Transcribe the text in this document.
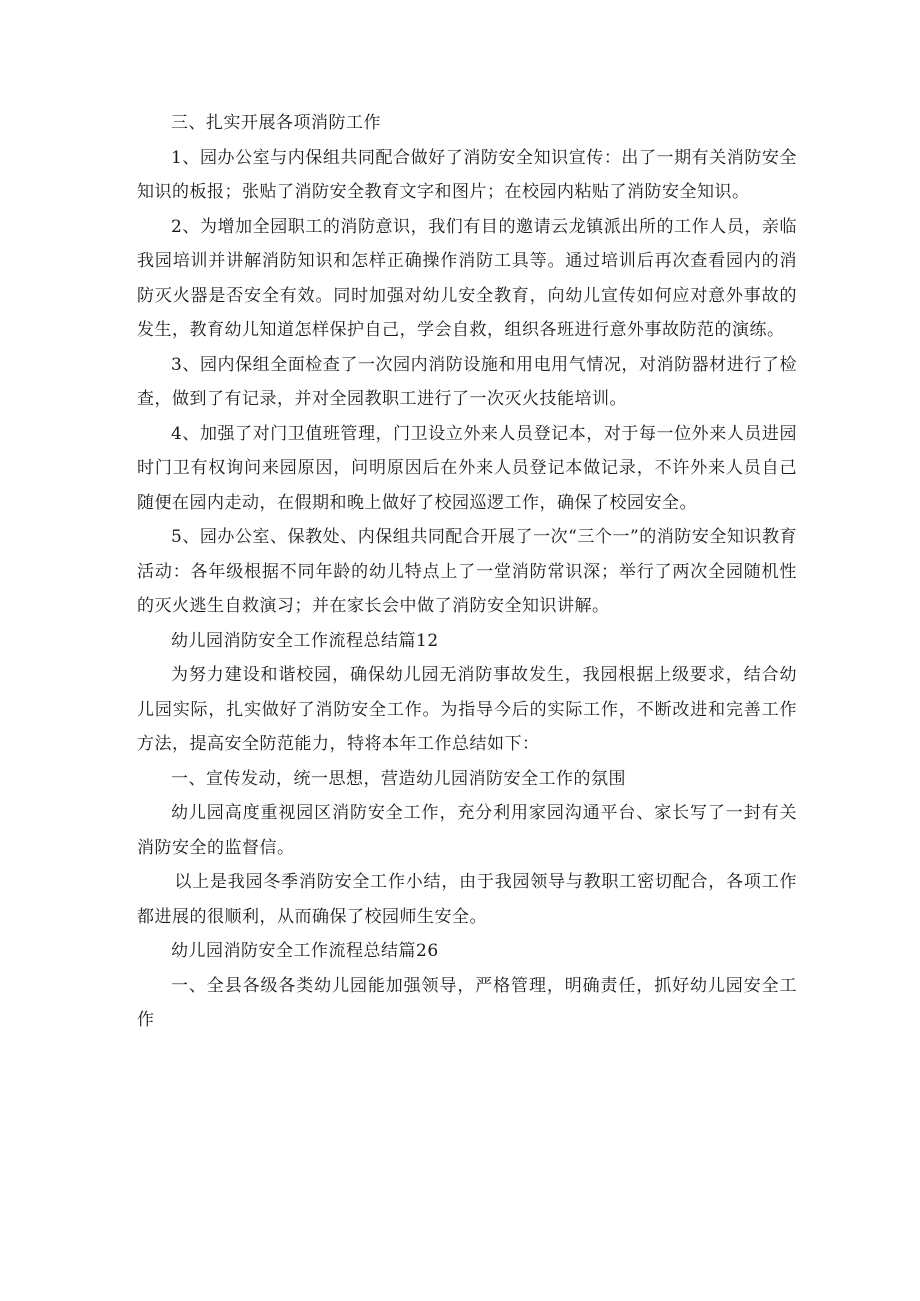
三、扎实开展各项消防工作

1、园办公室与内保组共同配合做好了消防安全知识宣传：出了一期有关消防安全知识的板报；张贴了消防安全教育文字和图片；在校园内粘贴了消防安全知识。

2、为增加全园职工的消防意识，我们有目的邀请云龙镇派出所的工作人员，亲临我园培训并讲解消防知识和怎样正确操作消防工具等。通过培训后再次查看园内的消防灭火器是否安全有效。同时加强对幼儿安全教育，向幼儿宣传如何应对意外事故的发生，教育幼儿知道怎样保护自己，学会自救，组织各班进行意外事故防范的演练。

3、园内保组全面检查了一次园内消防设施和用电用气情况，对消防器材进行了检查，做到了有记录，并对全园教职工进行了一次灭火技能培训。

4、加强了对门卫值班管理，门卫设立外来人员登记本，对于每一位外来人员进园时门卫有权询问来园原因，问明原因后在外来人员登记本做记录，不许外来人员自己随便在园内走动，在假期和晚上做好了校园巡逻工作，确保了校园安全。

5、园办公室、保教处、内保组共同配合开展了一次“三个一”的消防安全知识教育活动：各年级根据不同年龄的幼儿特点上了一堂消防常识深；举行了两次全园随机性的灭火逃生自救演习；并在家长会中做了消防安全知识讲解。

幼儿园消防安全工作流程总结篇12

为努力建设和谐校园，确保幼儿园无消防事故发生，我园根据上级要求，结合幼儿园实际，扎实做好了消防安全工作。为指导今后的实际工作，不断改进和完善工作方法，提高安全防范能力，特将本年工作总结如下：

一、宣传发动，统一思想，营造幼儿园消防安全工作的氛围

幼儿园高度重视园区消防安全工作，充分利用家园沟通平台、家长写了一封有关消防安全的监督信。

以上是我园冬季消防安全工作小结，由于我园领导与教职工密切配合，各项工作都进展的很顺利，从而确保了校园师生安全。

幼儿园消防安全工作流程总结篇26

一、全县各级各类幼儿园能加强领导，严格管理，明确责任，抓好幼儿园安全工作
